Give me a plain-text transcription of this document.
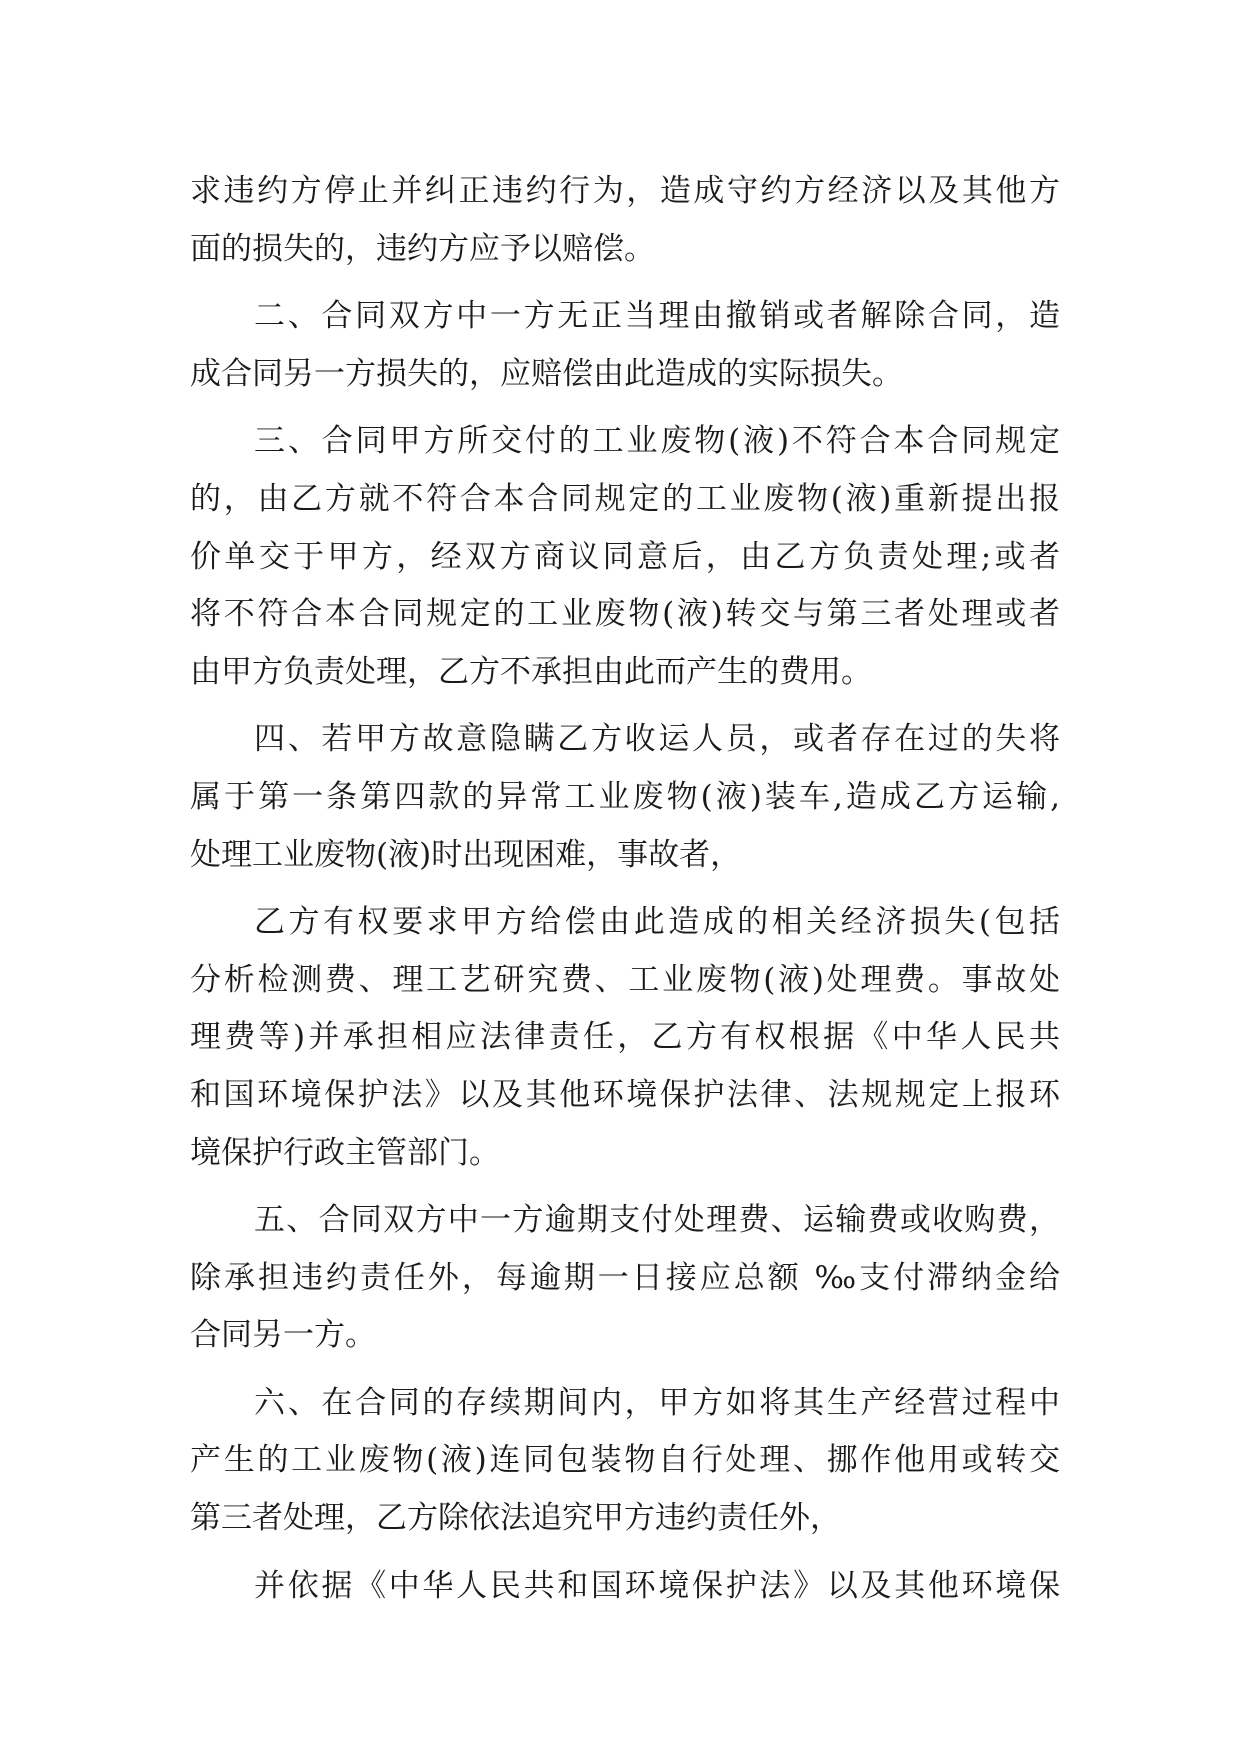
求违约方停止并纠正违约行为，造成守约方经济以及其他方
面的损失的，违约方应予以赔偿。
二、合同双方中一方无正当理由撤销或者解除合同，造
成合同另一方损失的，应赔偿由此造成的实际损失。
三、合同甲方所交付的工业废物(液)不符合本合同规定
的，由乙方就不符合本合同规定的工业废物(液)重新提出报
价单交于甲方，经双方商议同意后，由乙方负责处理;或者
将不符合本合同规定的工业废物(液)转交与第三者处理或者
由甲方负责处理，乙方不承担由此而产生的费用。
四、若甲方故意隐瞒乙方收运人员，或者存在过的失将
属于第一条第四款的异常工业废物(液)装车,造成乙方运输,
处理工业废物(液)时出现困难，事故者，
乙方有权要求甲方给偿由此造成的相关经济损失(包括
分析检测费、理工艺研究费、工业废物(液)处理费。事故处
理费等)并承担相应法律责任，乙方有权根据《中华人民共
和国环境保护法》以及其他环境保护法律、法规规定上报环
境保护行政主管部门。
五、合同双方中一方逾期支付处理费、运输费或收购费，
除承担违约责任外，每逾期一日接应总额 ‰支付滞纳金给
合同另一方。
六、在合同的存续期间内，甲方如将其生产经营过程中
产生的工业废物(液)连同包装物自行处理、挪作他用或转交
第三者处理，乙方除依法追究甲方违约责任外，
并依据《中华人民共和国环境保护法》以及其他环境保
